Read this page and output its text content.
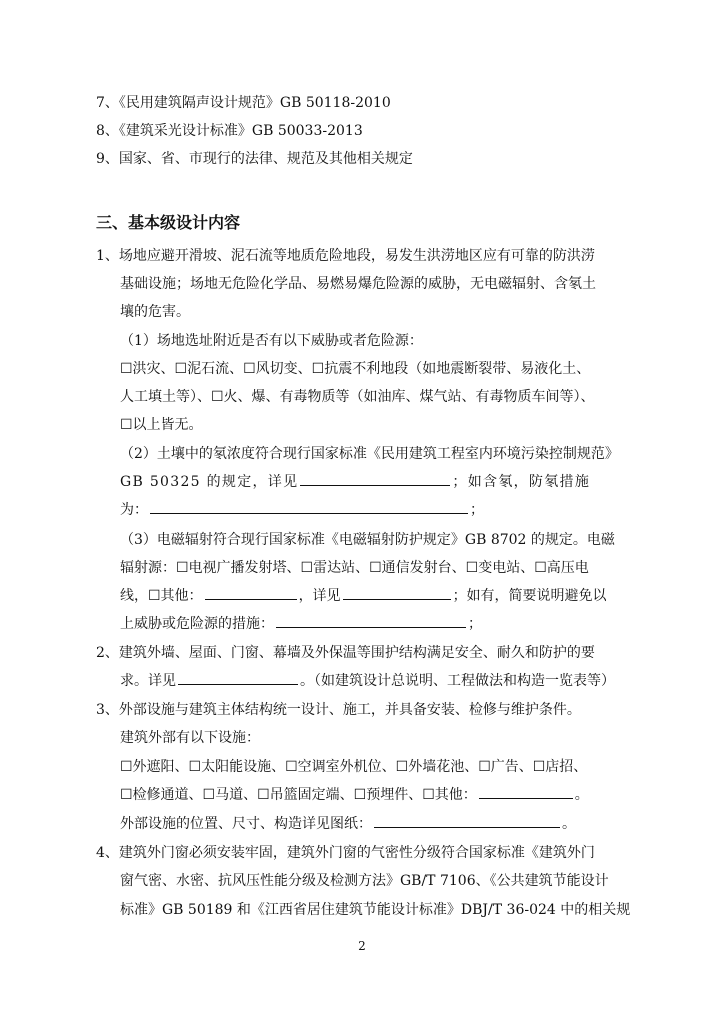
7、《民用建筑隔声设计规范》GB 50118-2010
8、《建筑采光设计标准》GB 50033-2013
9、国家、省、市现行的法律、规范及其他相关规定
三、基本级设计内容
1、场地应避开滑坡、泥石流等地质危险地段，易发生洪涝地区应有可靠的防洪涝
基础设施；场地无危险化学品、易燃易爆危险源的威胁，无电磁辐射、含氡土
壤的危害。
（1）场地选址附近是否有以下威胁或者危险源：
☐洪灾、☐泥石流、☐风切变、☐抗震不利地段（如地震断裂带、易液化土、
人工填土等）、☐火、爆、有毒物质等（如油库、煤气站、有毒物质车间等）、
☐以上皆无。
（2）土壤中的氡浓度符合现行国家标准《民用建筑工程室内环境污染控制规范》
GB 50325 的规定，详见	；如含氡，防氡措施
为：	；
（3）电磁辐射符合现行国家标准《电磁辐射防护规定》GB 8702 的规定。电磁
辐射源：☐电视广播发射塔、☐雷达站、☐通信发射台、☐变电站、☐高压电
线，☐其他：	，详见	；如有，简要说明避免以
上威胁或危险源的措施：	；
2、建筑外墙、屋面、门窗、幕墙及外保温等围护结构满足安全、耐久和防护的要
求。详见	。（如建筑设计总说明、工程做法和构造一览表等）
3、外部设施与建筑主体结构统一设计、施工，并具备安装、检修与维护条件。
建筑外部有以下设施：
☐外遮阳、☐太阳能设施、☐空调室外机位、☐外墙花池、☐广告、☐店招、
☐检修通道、☐马道、☐吊篮固定端、☐预埋件、☐其他：	。
外部设施的位置、尺寸、构造详见图纸：	。
4、建筑外门窗必须安装牢固，建筑外门窗的气密性分级符合国家标准《建筑外门
窗气密、水密、抗风压性能分级及检测方法》GB/T 7106、《公共建筑节能设计
标准》GB 50189 和《江西省居住建筑节能设计标准》DBJ/T 36-024 中的相关规
2
